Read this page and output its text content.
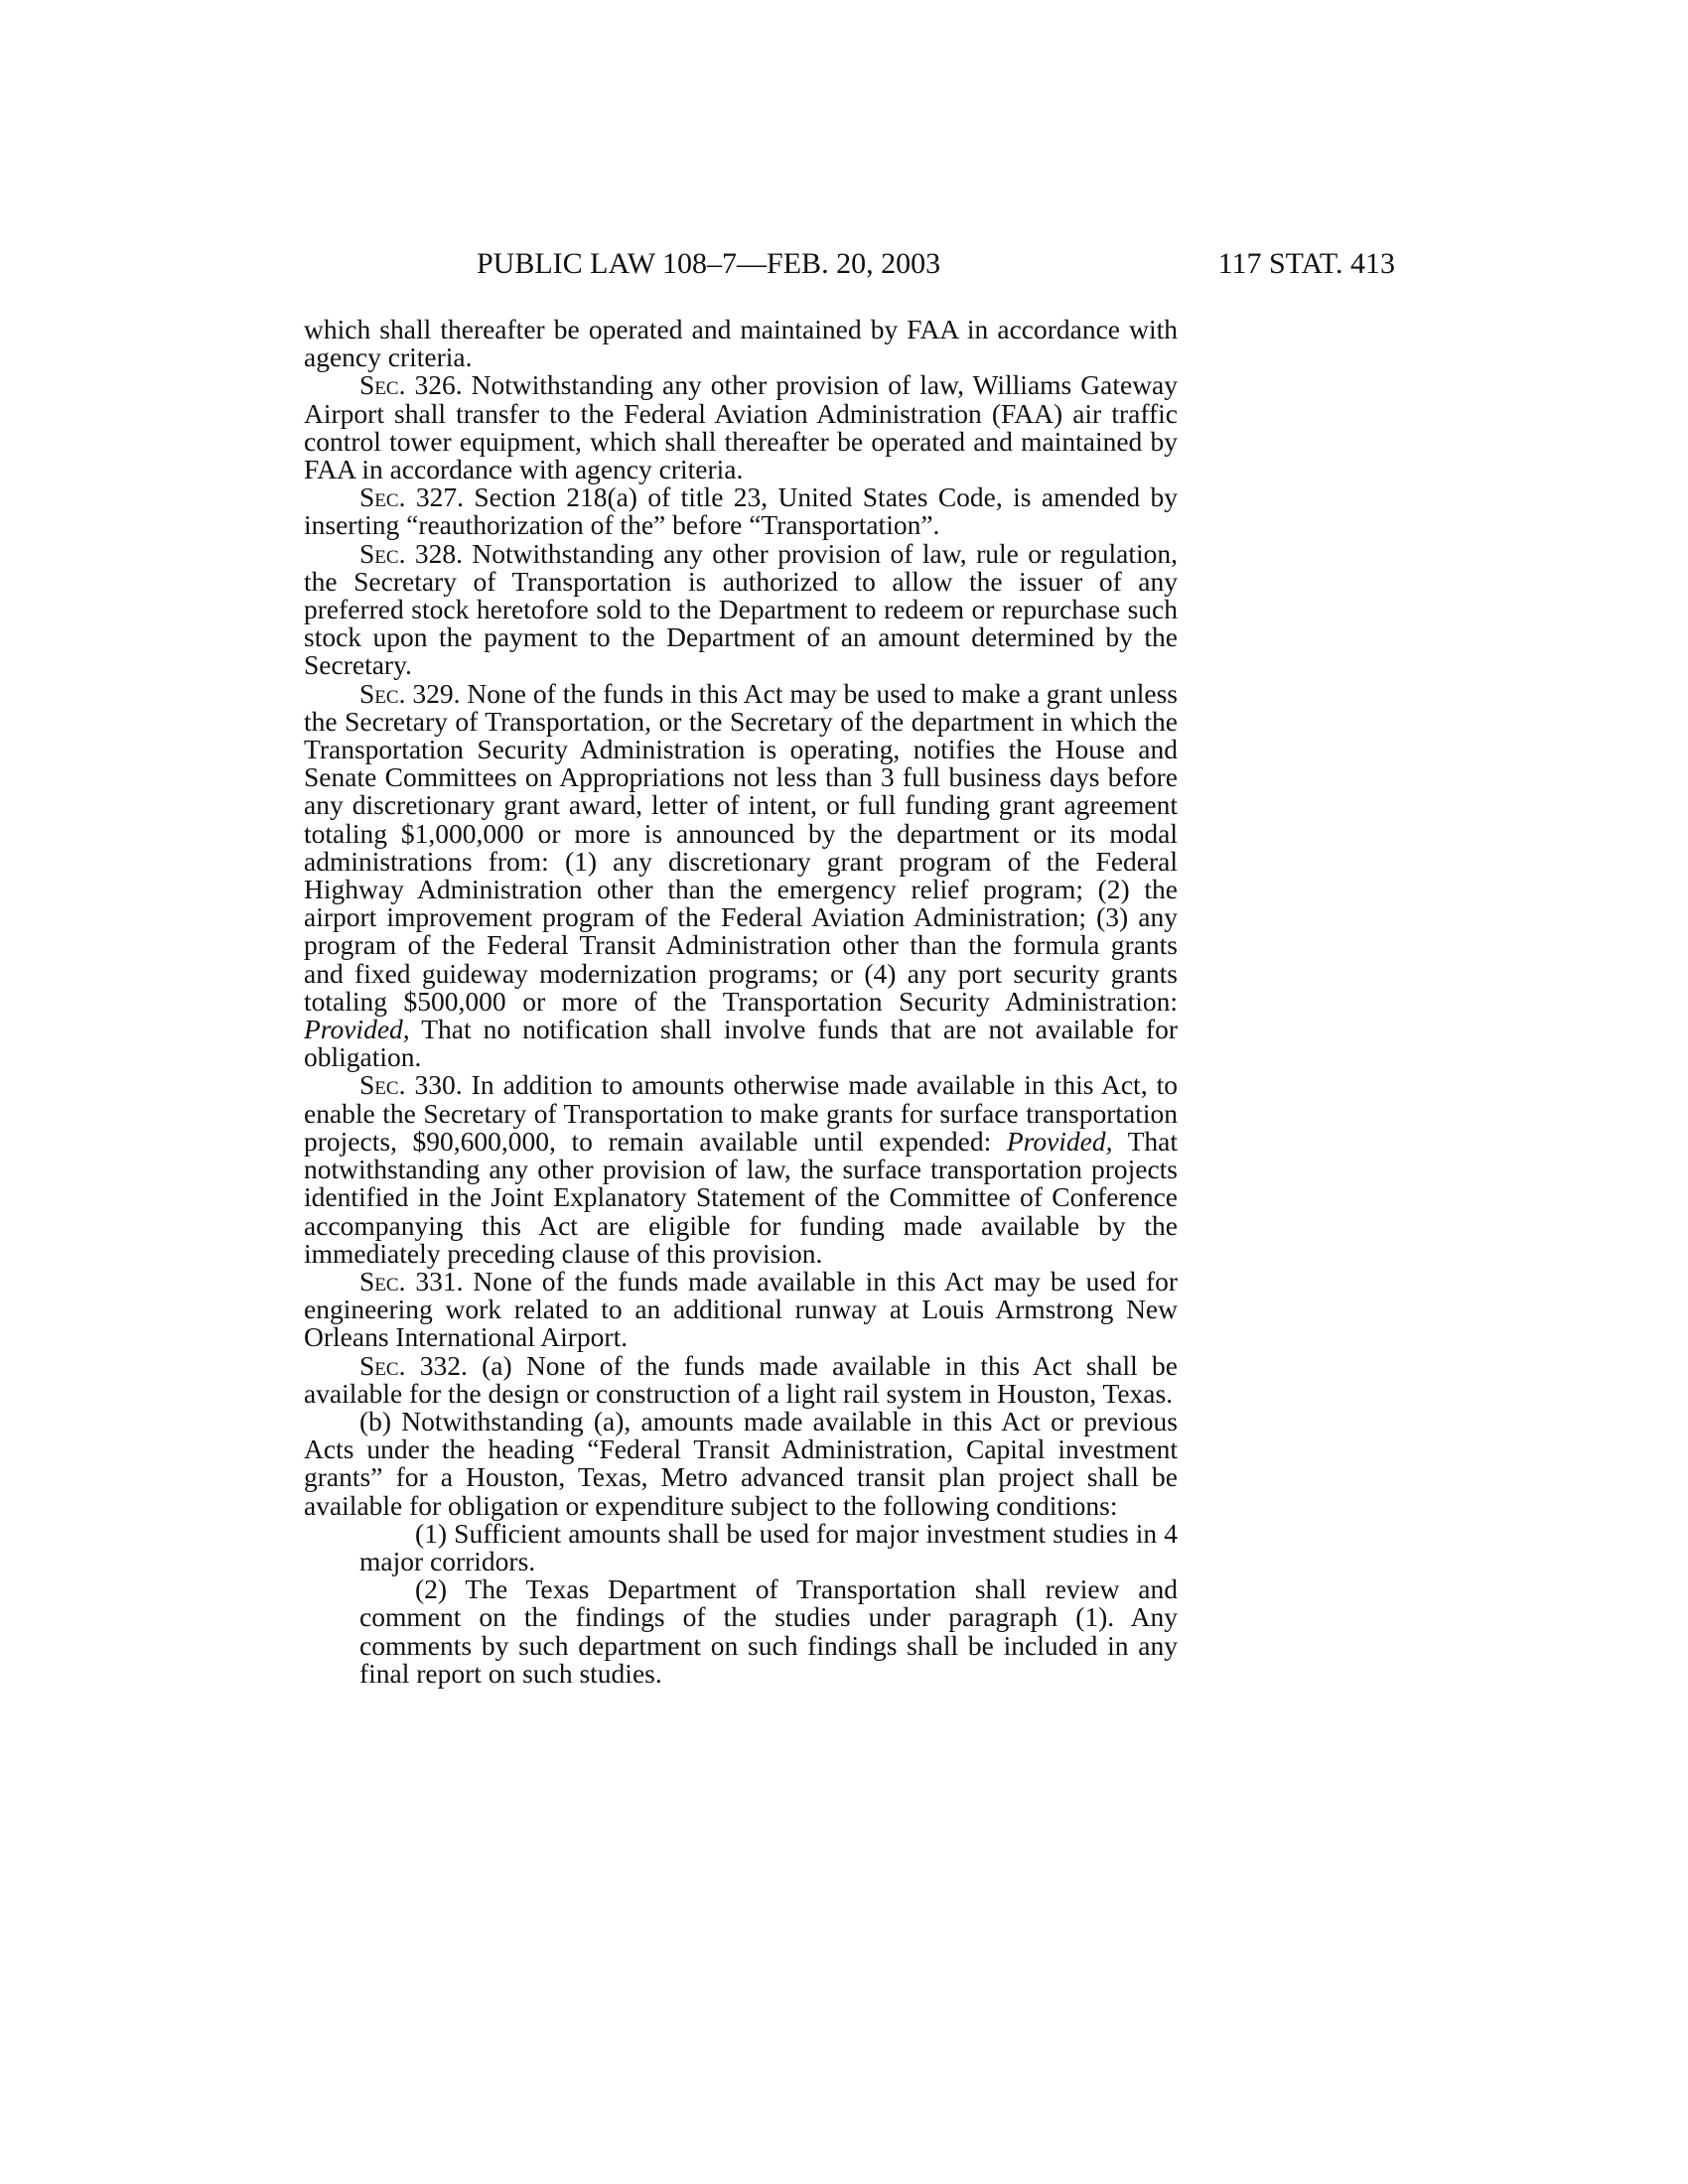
PUBLIC LAW 108–7—FEB. 20, 2003	117 STAT. 413

which shall thereafter be operated and maintained by FAA in accordance with agency criteria.

Sec. 326. Notwithstanding any other provision of law, Williams Gateway Airport shall transfer to the Federal Aviation Administration (FAA) air traffic control tower equipment, which shall thereafter be operated and maintained by FAA in accordance with agency criteria.

Sec. 327. Section 218(a) of title 23, United States Code, is amended by inserting “reauthorization of the” before “Transportation”.

Sec. 328. Notwithstanding any other provision of law, rule or regulation, the Secretary of Transportation is authorized to allow the issuer of any preferred stock heretofore sold to the Department to redeem or repurchase such stock upon the payment to the Department of an amount determined by the Secretary.

Sec. 329. None of the funds in this Act may be used to make a grant unless the Secretary of Transportation, or the Secretary of the department in which the Transportation Security Administration is operating, notifies the House and Senate Committees on Appropriations not less than 3 full business days before any discretionary grant award, letter of intent, or full funding grant agreement totaling $1,000,000 or more is announced by the department or its modal administrations from: (1) any discretionary grant program of the Federal Highway Administration other than the emergency relief program; (2) the airport improvement program of the Federal Aviation Administration; (3) any program of the Federal Transit Administration other than the formula grants and fixed guideway modernization programs; or (4) any port security grants totaling $500,000 or more of the Transportation Security Administration: Provided, That no notification shall involve funds that are not available for obligation.

Sec. 330. In addition to amounts otherwise made available in this Act, to enable the Secretary of Transportation to make grants for surface transportation projects, $90,600,000, to remain available until expended: Provided, That notwithstanding any other provision of law, the surface transportation projects identified in the Joint Explanatory Statement of the Committee of Conference accompanying this Act are eligible for funding made available by the immediately preceding clause of this provision.

Sec. 331. None of the funds made available in this Act may be used for engineering work related to an additional runway at Louis Armstrong New Orleans International Airport.

Sec. 332. (a) None of the funds made available in this Act shall be available for the design or construction of a light rail system in Houston, Texas.

(b) Notwithstanding (a), amounts made available in this Act or previous Acts under the heading “Federal Transit Administration, Capital investment grants” for a Houston, Texas, Metro advanced transit plan project shall be available for obligation or expenditure subject to the following conditions:

(1) Sufficient amounts shall be used for major investment studies in 4 major corridors.

(2) The Texas Department of Transportation shall review and comment on the findings of the studies under paragraph (1). Any comments by such department on such findings shall be included in any final report on such studies.
